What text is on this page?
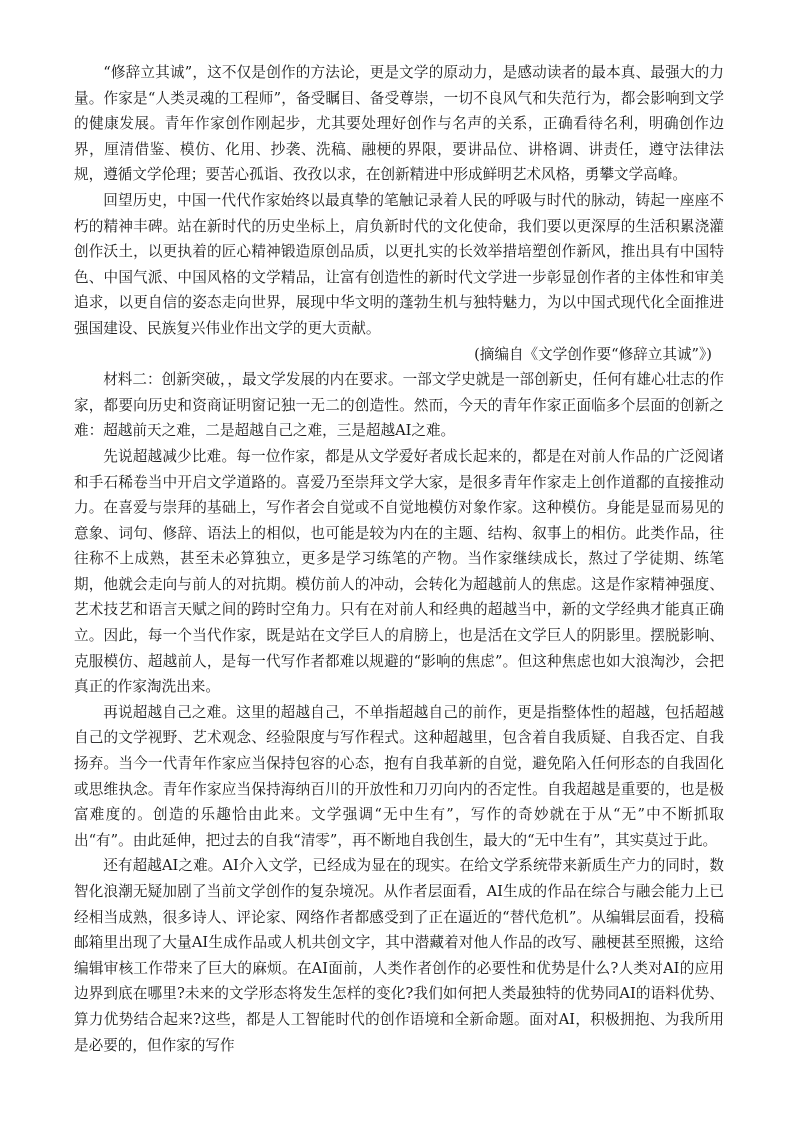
“修辞立其诚”，这不仅是创作的方法论，更是文学的原动力，是感动读者的最本真、最强大的力量。作家是“人类灵魂的工程师”，备受瞩目、备受尊崇，一切不良风气和失范行为，都会影响到文学的健康发展。青年作家创作刚起步，尤其要处理好创作与名声的关系，正确看待名利，明确创作边界，厘清借鉴、模仿、化用、抄袭、洗稿、融梗的界限，要讲品位、讲格调、讲责任，遵守法律法规，遵循文学伦理；要苦心孤诣、孜孜以求，在创新精进中形成鲜明艺术风格，勇攀文学高峰。

回望历史，中国一代代作家始终以最真挚的笔触记录着人民的呼吸与时代的脉动，铸起一座座不朽的精神丰碑。站在新时代的历史坐标上，肩负新时代的文化使命，我们要以更深厚的生活积累浇灌创作沃土，以更执着的匠心精神锻造原创品质，以更扎实的长效举措培塑创作新风，推出具有中国特色、中国气派、中国风格的文学精品，让富有创造性的新时代文学进一步彰显创作者的主体性和审美追求，以更自信的姿态走向世界，展现中华文明的蓬勃生机与独特魅力，为以中国式现代化全面推进强国建设、民族复兴伟业作出文学的更大贡献。

(摘编自《文学创作要“修辞立其诚”》)

材料二：创新突破，，最文学发展的内在要求。一部文学史就是一部创新史，任何有雄心壮志的作家，都要向历史和资商证明窗记独一无二的创造性。然而，今天的青年作家正面临多个层面的创新之难：超越前天之难，二是超越自己之难，三是超越AI之难。

先说超越减少比难。每一位作家，都是从文学爱好者成长起来的，都是在对前人作品的广泛阅诸和手石稀卷当中开启文学道路的。喜爱乃至崇拜文学大家，是很多青年作家走上创作道鄱的直接推动力。在喜爱与崇拜的基础上，写作者会自觉或不自觉地模仿对象作家。这种模仿。身能是显而易见的意象、词句、修辞、语法上的相似，也可能是较为内在的主题、结构、叙事上的相仿。此类作品，往往称不上成熟，甚至未必算独立，更多是学习练笔的产物。当作家继续成长，熬过了学徒期、练笔期，他就会走向与前人的对抗期。模仿前人的冲动，会转化为超越前人的焦虑。这是作家精神强度、艺术技艺和语言天赋之间的跨时空角力。只有在对前人和经典的超越当中，新的文学经典才能真正确立。因此，每一个当代作家，既是站在文学巨人的肩膀上，也是活在文学巨人的阴影里。摆脱影响、克服模仿、超越前人，是每一代写作者都难以规避的“影响的焦虑”。但这种焦虑也如大浪淘沙，会把真正的作家淘洗出来。

再说超越自己之难。这里的超越自己，不单指超越自己的前作，更是指整体性的超越，包括超越自己的文学视野、艺术观念、经验限度与写作程式。这种超越里，包含着自我质疑、自我否定、自我扬弃。当今一代青年作家应当保持包容的心态，抱有自我革新的自觉，避免陷入任何形态的自我固化或思维执念。青年作家应当保持海纳百川的开放性和刀刃向内的否定性。自我超越是重要的，也是极富难度的。创造的乐趣恰由此来。文学强调“无中生有”，写作的奇妙就在于从“无”中不断抓取出“有”。由此延伸，把过去的自我“清零”，再不断地自我创生，最大的“无中生有”，其实莫过于此。

还有超越AI之难。AI介入文学，已经成为显在的现实。在给文学系统带来新质生产力的同时，数智化浪潮无疑加剧了当前文学创作的复杂境况。从作者层面看，AI生成的作品在综合与融会能力上已经相当成熟，很多诗人、评论家、网络作者都感受到了正在逼近的“替代危机”。从编辑层面看，投稿邮箱里出现了大量AI生成作品或人机共创文字，其中潜藏着对他人作品的改写、融梗甚至照搬，这给编辑审核工作带来了巨大的麻烦。在AI面前，人类作者创作的必要性和优势是什么?人类对AI的应用边界到底在哪里?未来的文学形态将发生怎样的变化?我们如何把人类最独特的优势同AI的语料优势、算力优势结合起来?这些，都是人工智能时代的创作语境和全新命题。面对AI，积极拥抱、为我所用是必要的，但作家的写作
